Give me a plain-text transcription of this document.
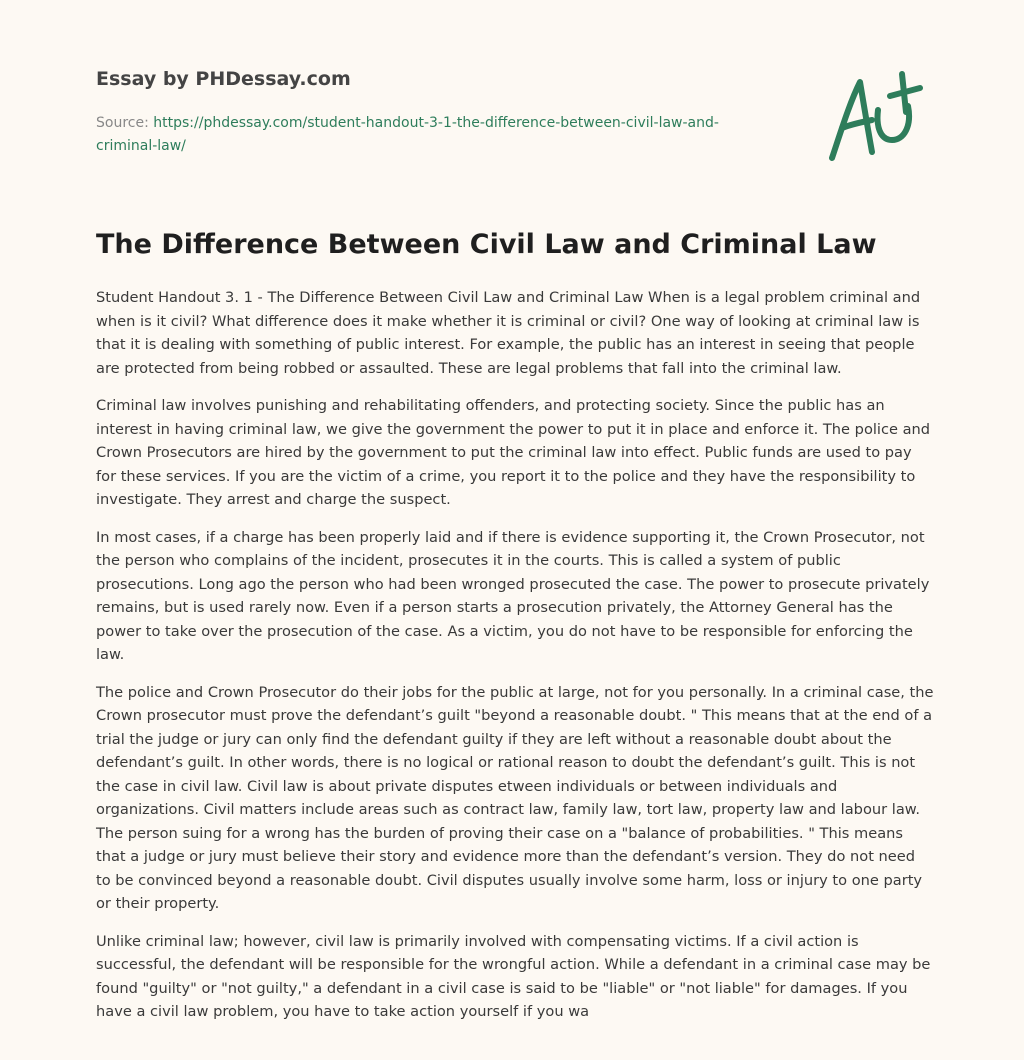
Essay by PHDessay.com
Source: https://phdessay.com/student-handout-3-1-the-difference-between-civil-law-and-criminal-law/
The Difference Between Civil Law and Criminal Law

Student Handout 3. 1 - The Difference Between Civil Law and Criminal Law When is a legal problem criminal and when is it civil? What difference does it make whether it is criminal or civil? One way of looking at criminal law is that it is dealing with something of public interest. For example, the public has an interest in seeing that people are protected from being robbed or assaulted. These are legal problems that fall into the criminal law.

Criminal law involves punishing and rehabilitating offenders, and protecting society. Since the public has an interest in having criminal law, we give the government the power to put it in place and enforce it. The police and Crown Prosecutors are hired by the government to put the criminal law into effect. Public funds are used to pay for these services. If you are the victim of a crime, you report it to the police and they have the responsibility to investigate. They arrest and charge the suspect.

In most cases, if a charge has been properly laid and if there is evidence supporting it, the Crown Prosecutor, not the person who complains of the incident, prosecutes it in the courts. This is called a system of public prosecutions. Long ago the person who had been wronged prosecuted the case. The power to prosecute privately remains, but is used rarely now. Even if a person starts a prosecution privately, the Attorney General has the power to take over the prosecution of the case. As a victim, you do not have to be responsible for enforcing the law.

The police and Crown Prosecutor do their jobs for the public at large, not for you personally. In a criminal case, the Crown prosecutor must prove the defendant’s guilt "beyond a reasonable doubt. " This means that at the end of a trial the judge or jury can only find the defendant guilty if they are left without a reasonable doubt about the defendant’s guilt. In other words, there is no logical or rational reason to doubt the defendant’s guilt. This is not the case in civil law. Civil law is about private disputes etween individuals or between individuals and organizations. Civil matters include areas such as contract law, family law, tort law, property law and labour law. The person suing for a wrong has the burden of proving their case on a "balance of probabilities. " This means that a judge or jury must believe their story and evidence more than the defendant’s version. They do not need to be convinced beyond a reasonable doubt. Civil disputes usually involve some harm, loss or injury to one party or their property.

Unlike criminal law; however, civil law is primarily involved with compensating victims. If a civil action is successful, the defendant will be responsible for the wrongful action. While a defendant in a criminal case may be found "guilty" or "not guilty," a defendant in a civil case is said to be "liable" or "not liable" for damages. If you have a civil law problem, you have to take action yourself if you wa
